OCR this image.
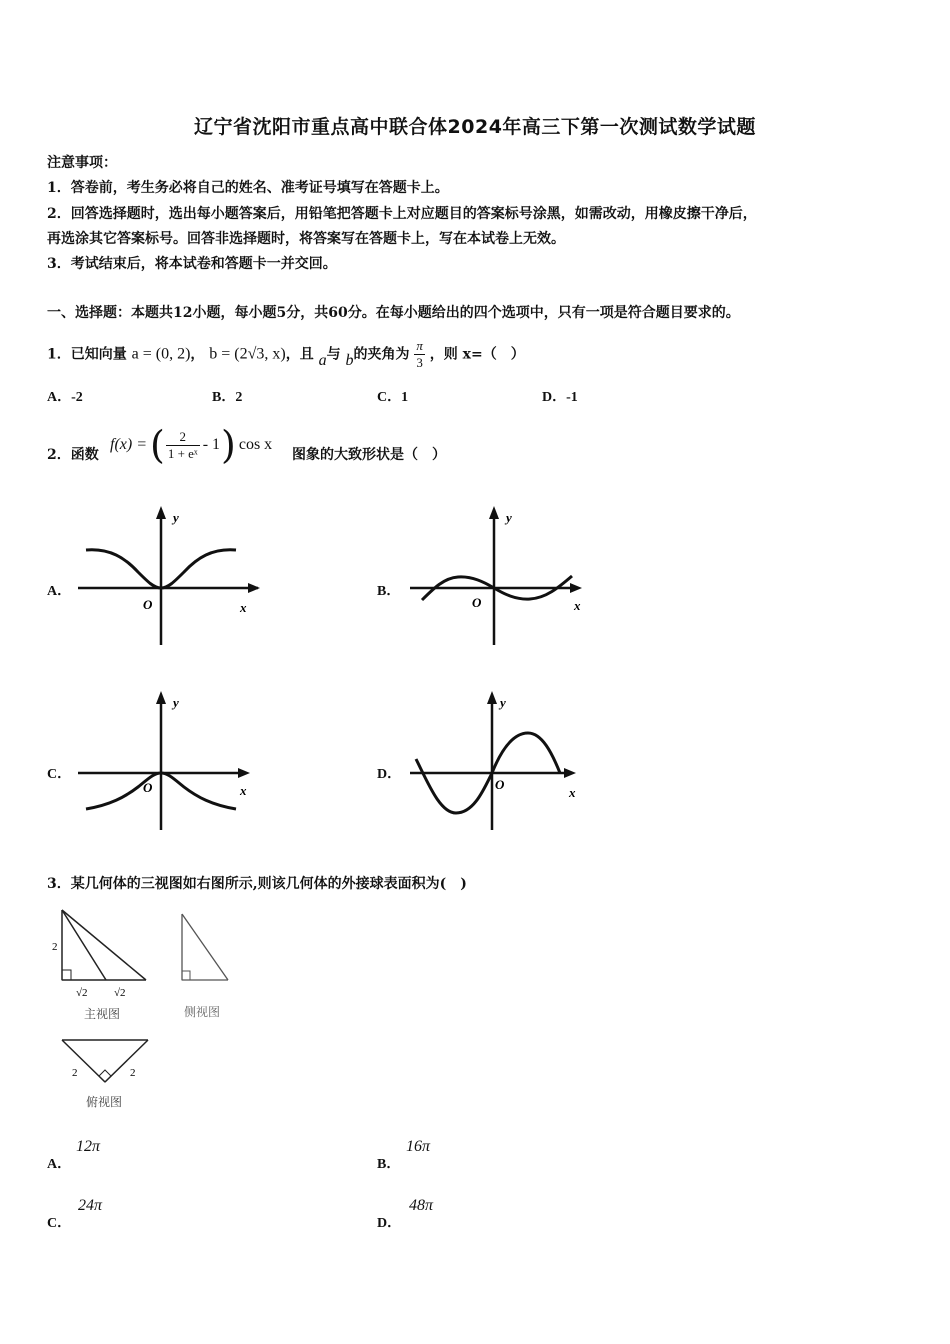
辽宁省沈阳市重点高中联合体2024年高三下第一次测试数学试题
注意事项：
1．答卷前，考生务必将自己的姓名、准考证号填写在答题卡上。
2．回答选择题时，选出每小题答案后，用铅笔把答题卡上对应题目的答案标号涂黑，如需改动，用橡皮擦干净后，
再选涂其它答案标号。回答非选择题时，将答案写在答题卡上，写在本试卷上无效。
3．考试结束后，将本试卷和答题卡一并交回。
一、选择题：本题共12小题，每小题5分，共60分。在每小题给出的四个选项中，只有一项是符合题目要求的。
1．已知向量 a = (0, 2)， b = (2√3, x)，且 a与 b的夹角为 $\frac{\pi}{3}$ ，则 x=（　）
A．-2	B．2	C．1	D．-1
2．函数
f(x) = ( $\frac{2}{\text{1 + eˣ}} - 1$ ) cos x
图象的大致形状是（　）
A．
y
x
O
B．
y
x
O
C．
y
x
O
D．
y
x
O
3．某几何体的三视图如右图所示,则该几何体的外接球表面积为(　)
2
√2 √2
主视图	侧视图
2	2
俯视图
A．
12π
B．
16π
C．
24π
D．
48π
